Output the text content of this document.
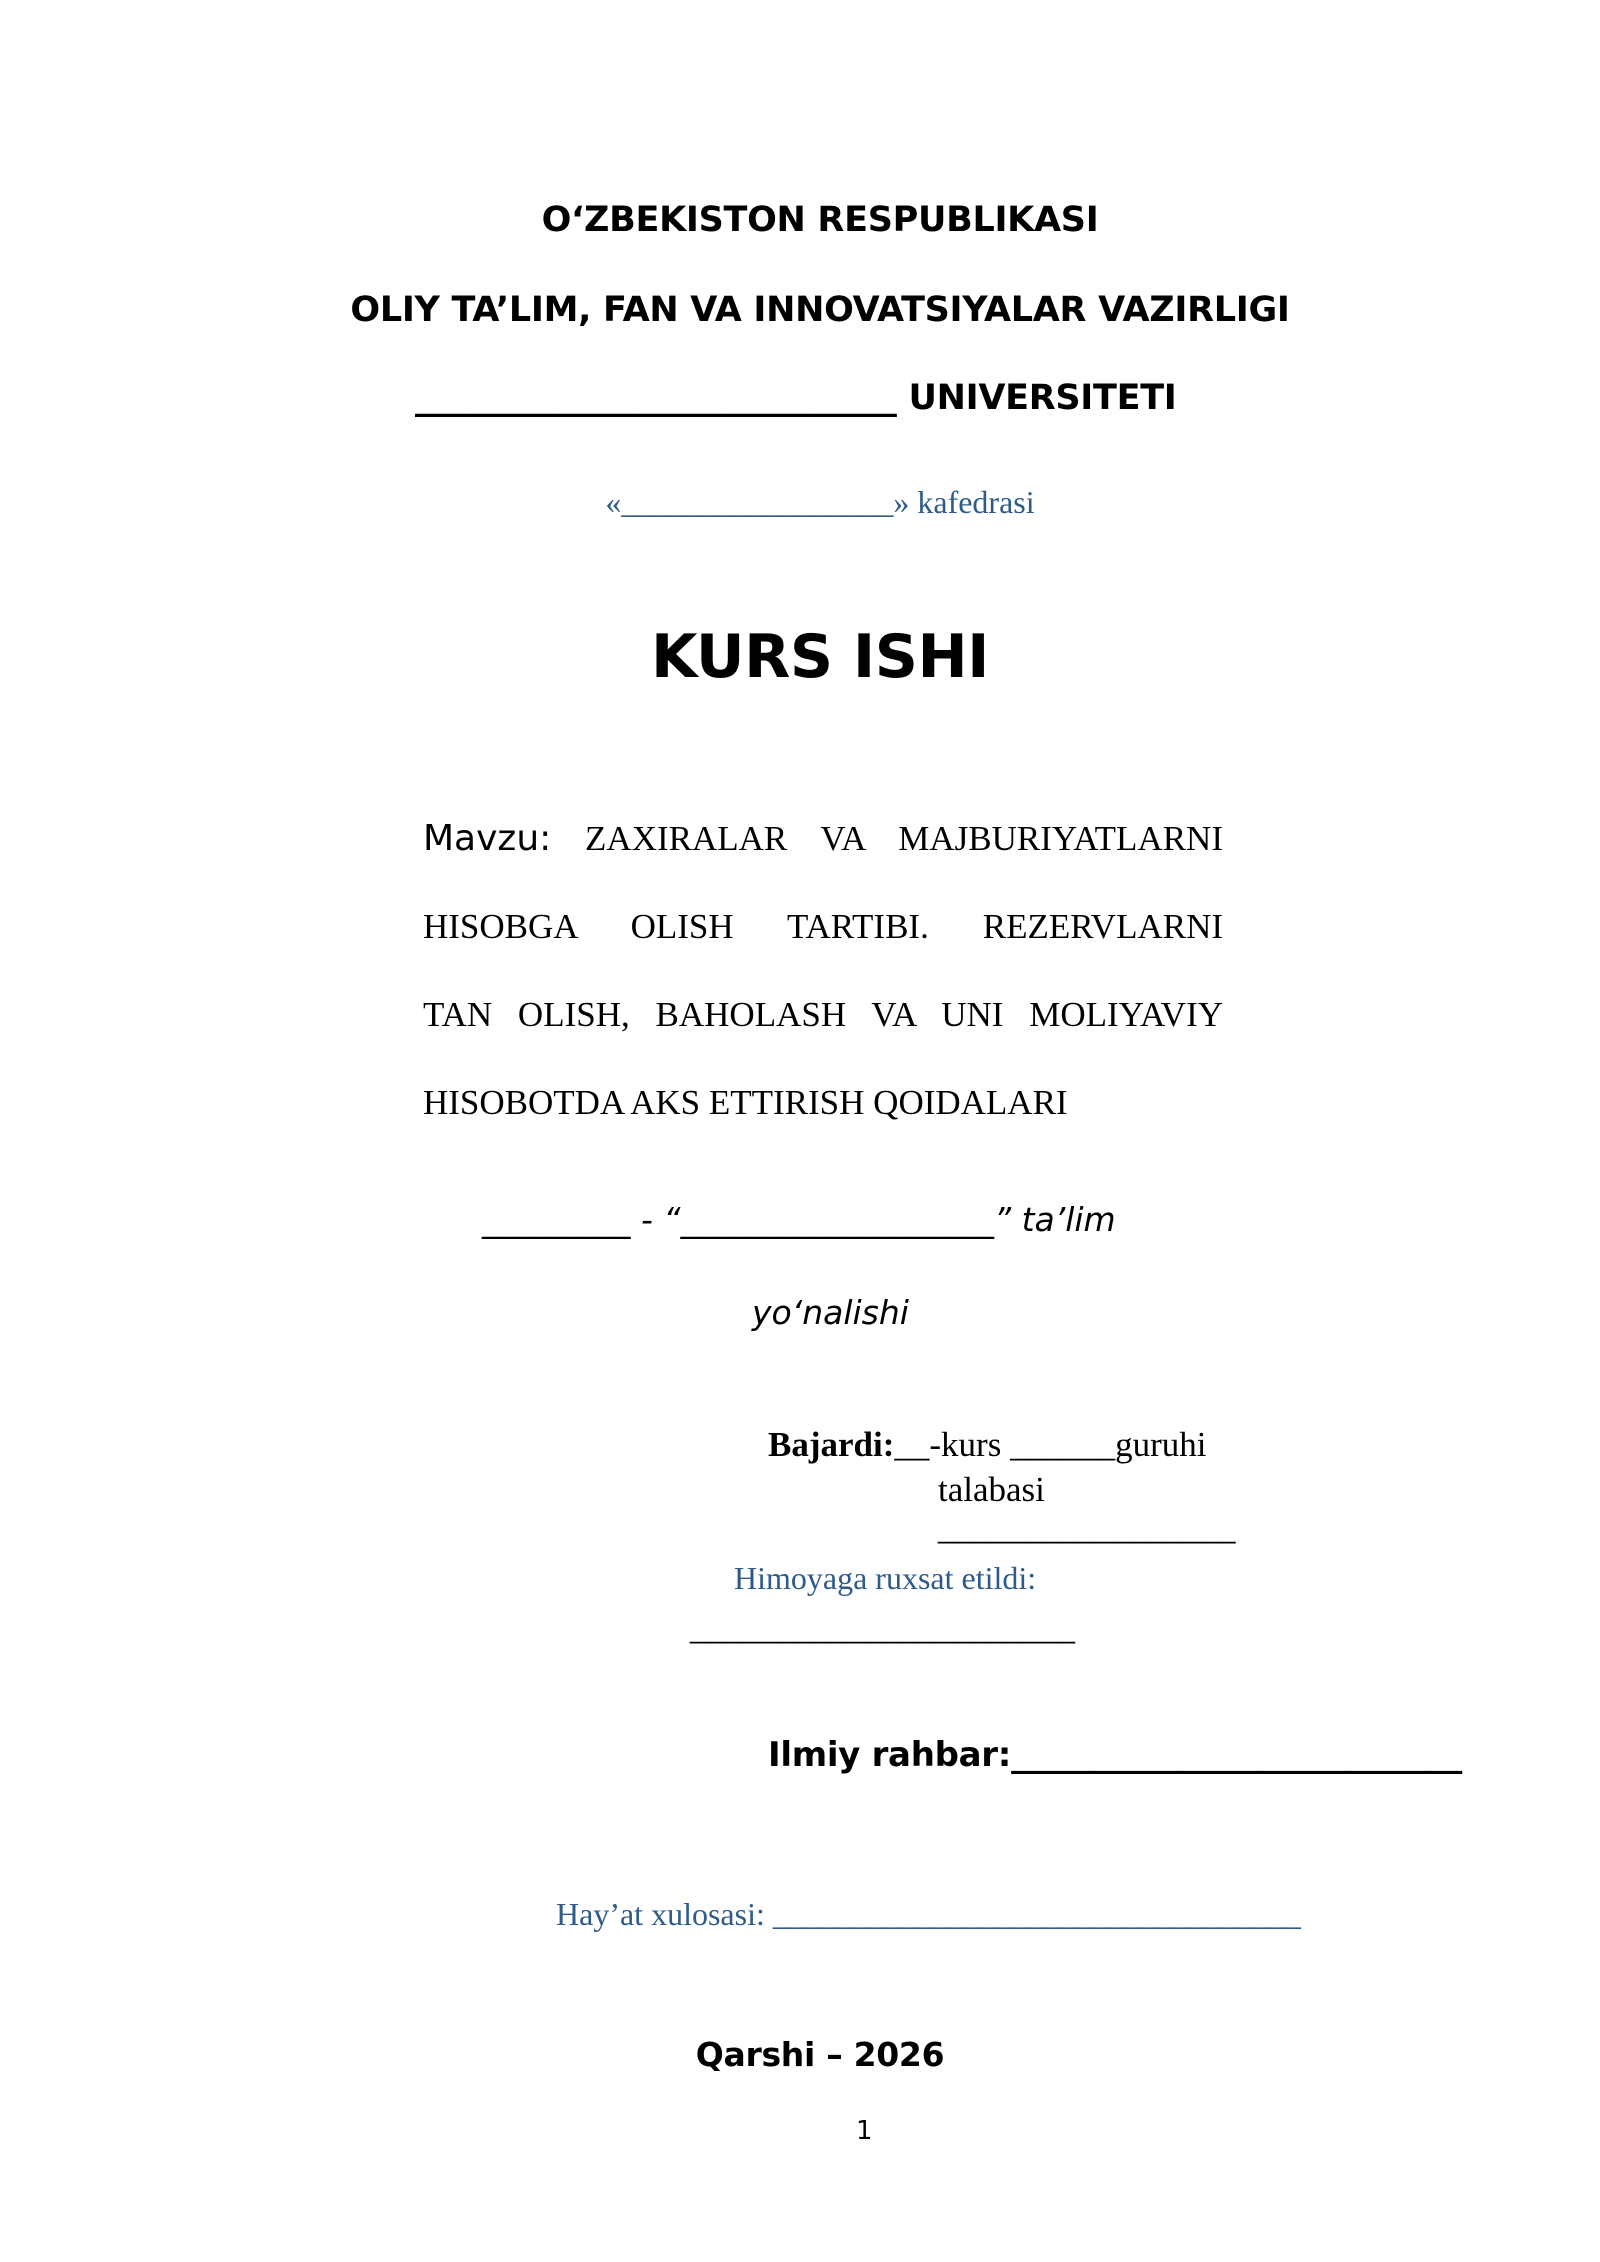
O‘ZBEKISTON RESPUBLIKASI
OLIY TA’LIM, FAN VA INNOVATSIYALAR VAZIRLIGI
____________________________ UNIVERSITETI
«_________________» kafedrasi
KURS ISHI
Mavzu: ZAXIRALAR VA MAJBURIYATLARNI
HISOBGA OLISH TARTIBI. REZERVLARNI
TAN OLISH, BAHOLASH VA UNI MOLIYAVIY
HISOBOTDA AKS ETTIRISH QOIDALARI
_________ - “___________________” ta’lim
yo‘nalishi
Bajardi:__-kurs ______guruhi
talabasi
_________________
Himoyaga ruxsat etildi:
______________________
Ilmiy rahbar:___________________________
Hay’at xulosasi: _________________________________
Qarshi – 2026
1
